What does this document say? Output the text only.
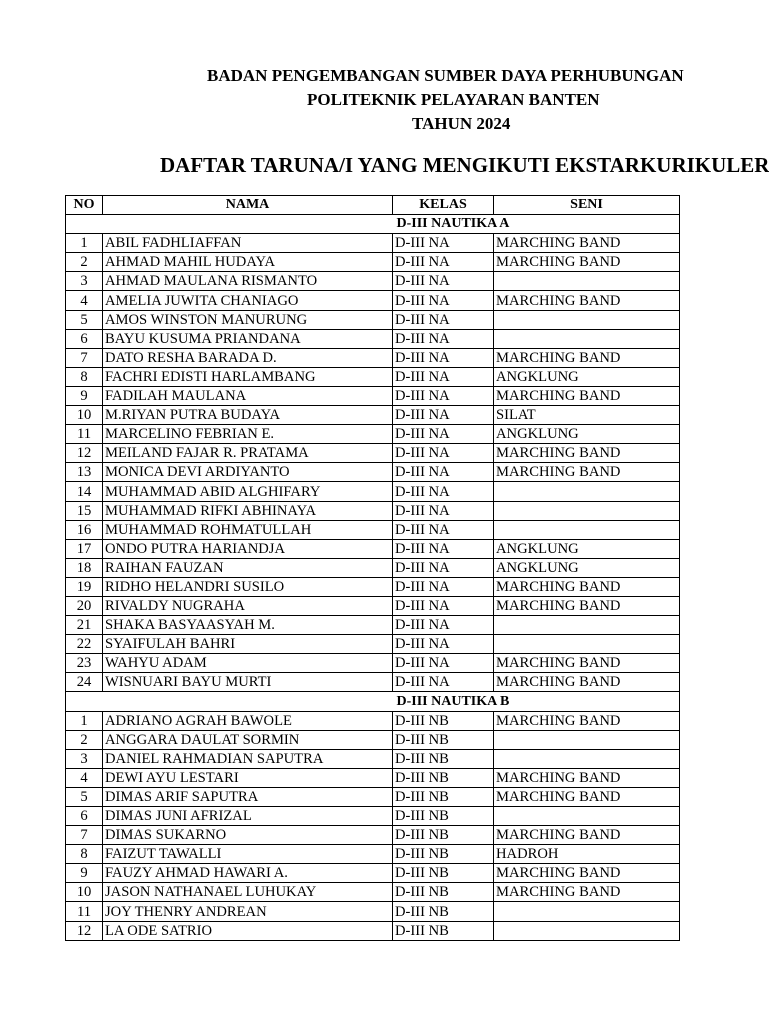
BADAN PENGEMBANGAN SUMBER DAYA PERHUBUNGAN
POLITEKNIK PELAYARAN BANTEN
TAHUN 2024
DAFTAR TARUNA/I YANG MENGIKUTI EKSTARKURIKULER
NO	NAMA	KELAS	SENI
		D-III NAUTIKA A	
1	ABIL FADHLIAFFAN	D-III NA	MARCHING BAND
2	AHMAD MAHIL HUDAYA	D-III NA	MARCHING BAND
3	AHMAD MAULANA RISMANTO	D-III NA	
4	AMELIA JUWITA CHANIAGO	D-III NA	MARCHING BAND
5	AMOS WINSTON MANURUNG	D-III NA	
6	BAYU KUSUMA PRIANDANA	D-III NA	
7	DATO RESHA BARADA D.	D-III NA	MARCHING BAND
8	FACHRI EDISTI HARLAMBANG	D-III NA	ANGKLUNG
9	FADILAH MAULANA	D-III NA	MARCHING BAND
10	M.RIYAN PUTRA BUDAYA	D-III NA	SILAT
11	MARCELINO FEBRIAN E.	D-III NA	ANGKLUNG
12	MEILAND FAJAR R. PRATAMA	D-III NA	MARCHING BAND
13	MONICA DEVI ARDIYANTO	D-III NA	MARCHING BAND
14	MUHAMMAD ABID ALGHIFARY	D-III NA	
15	MUHAMMAD RIFKI ABHINAYA	D-III NA	
16	MUHAMMAD ROHMATULLAH	D-III NA	
17	ONDO PUTRA HARIANDJA	D-III NA	ANGKLUNG
18	RAIHAN FAUZAN	D-III NA	ANGKLUNG
19	RIDHO HELANDRI SUSILO	D-III NA	MARCHING BAND
20	RIVALDY NUGRAHA	D-III NA	MARCHING BAND
21	SHAKA BASYAASYAH M.	D-III NA	
22	SYAIFULAH BAHRI	D-III NA	
23	WAHYU ADAM	D-III NA	MARCHING BAND
24	WISNUARI BAYU MURTI	D-III NA	MARCHING BAND
		D-III NAUTIKA B	
1	ADRIANO AGRAH BAWOLE	D-III NB	MARCHING BAND
2	ANGGARA DAULAT SORMIN	D-III NB	
3	DANIEL RAHMADIAN SAPUTRA	D-III NB	
4	DEWI AYU LESTARI	D-III NB	MARCHING BAND
5	DIMAS ARIF SAPUTRA	D-III NB	MARCHING BAND
6	DIMAS JUNI AFRIZAL	D-III NB	
7	DIMAS SUKARNO	D-III NB	MARCHING BAND
8	FAIZUT TAWALLI	D-III NB	HADROH
9	FAUZY AHMAD HAWARI A.	D-III NB	MARCHING BAND
10	JASON NATHANAEL LUHUKAY	D-III NB	MARCHING BAND
11	JOY THENRY ANDREAN	D-III NB	
12	LA ODE SATRIO	D-III NB	
